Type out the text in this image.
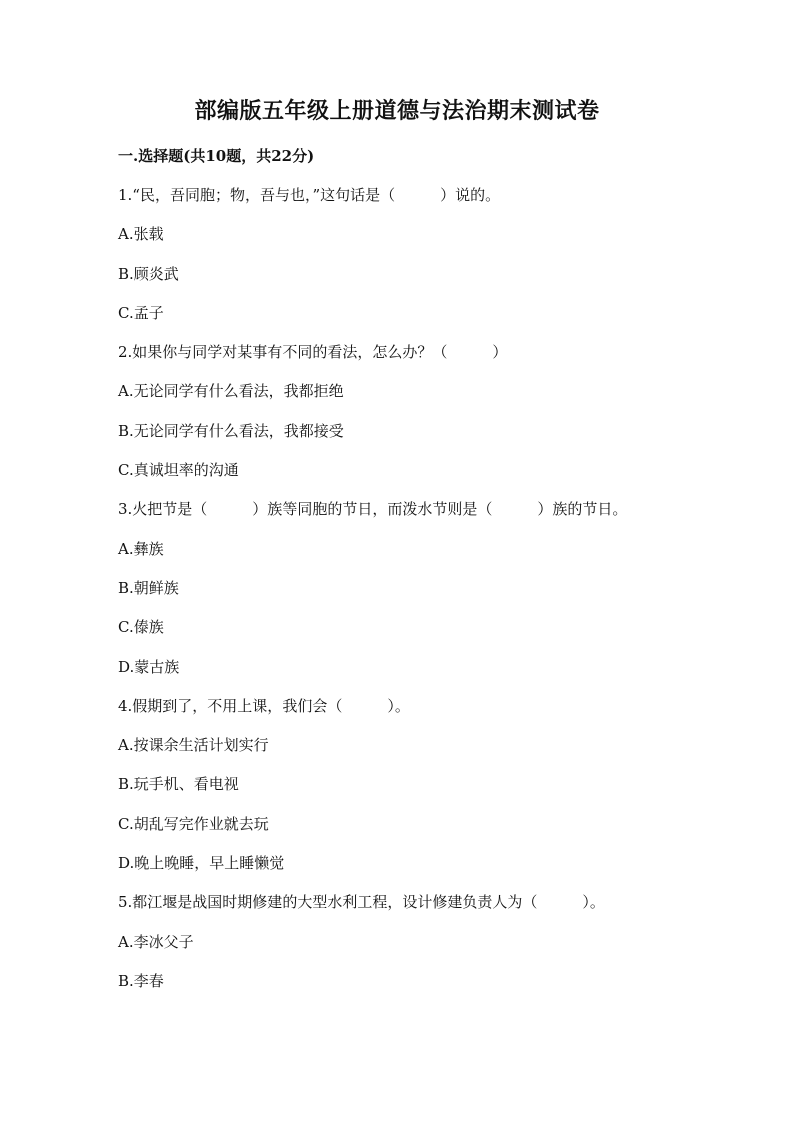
部编版五年级上册道德与法治期末测试卷
一.选择题(共10题，共22分)
1.“民，吾同胞；物，吾与也，”这句话是（　　　）说的。
A.张载
B.顾炎武
C.孟子
2.如果你与同学对某事有不同的看法，怎么办？（　　　）
A.无论同学有什么看法，我都拒绝
B.无论同学有什么看法，我都接受
C.真诚坦率的沟通
3.火把节是（　　　）族等同胞的节日，而泼水节则是（　　　）族的节日。
A.彝族
B.朝鲜族
C.傣族
D.蒙古族
4.假期到了，不用上课，我们会（　　　）。
A.按课余生活计划实行
B.玩手机、看电视
C.胡乱写完作业就去玩
D.晚上晚睡，早上睡懒觉
5.都江堰是战国时期修建的大型水利工程，设计修建负责人为（　　　）。
A.李冰父子
B.李春
